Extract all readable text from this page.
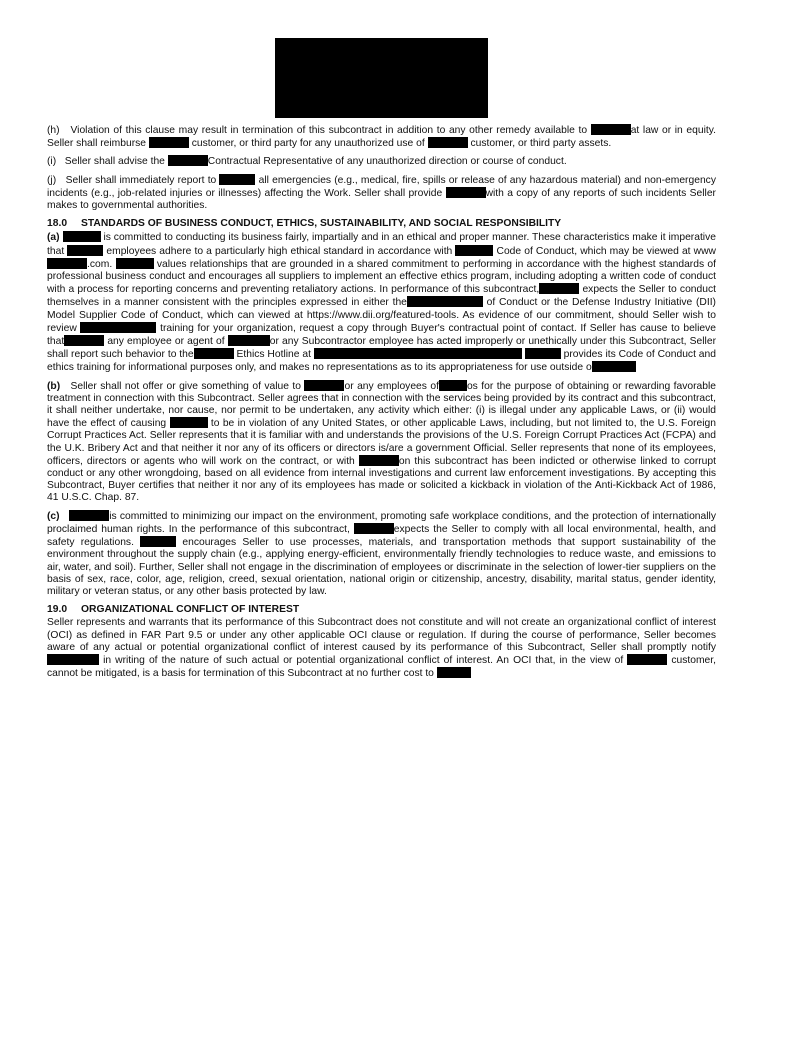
(h) Violation of this clause may result in termination of this subcontract in addition to any other remedy available to	at law or in equity. Seller shall reimburse	customer, or third party for any unauthorized use of	customer, or third party assets.

(i) Seller shall advise the	Contractual Representative of any unauthorized direction or course of conduct.

(j) Seller shall immediately report to	all emergencies (e.g., medical, fire, spills or release of any hazardous material) and non-emergency incidents (e.g., job-related injuries or illnesses) affecting the Work. Seller shall provide	with a copy of any reports of such incidents Seller makes to governmental authorities.

18.0 STANDARDS OF BUSINESS CONDUCT, ETHICS, SUSTAINABILITY, AND SOCIAL RESPONSIBILITY

(a)	is committed to conducting its business fairly, impartially and in an ethical and proper manner. These characteristics make it imperative that	employees adhere to a particularly high ethical standard in accordance with	Code of Conduct, which may be viewed at www.com.	values relationships that are grounded in a shared commitment to performing in accordance with the highest standards of professional business conduct and encourages all suppliers to implement an effective ethics program, including adopting a written code of conduct with a process for reporting concerns and preventing retaliatory actions. In performance of this subcontract,	expects the Seller to conduct themselves in a manner consistent with the principles expressed in either the	of Conduct or the Defense Industry Initiative (DII) Model Supplier Code of Conduct, which can viewed at https://www.dii.org/featured-tools. As evidence of our commitment, should Seller wish to review	training for your organization, request a copy through Buyer's contractual point of contact. If Seller has cause to believe that	any employee or agent of	or any Subcontractor employee has acted improperly or unethically under this Subcontract, Seller shall report such behavior to the	Ethics Hotline at	provides its Code of Conduct and ethics training for informational purposes only, and makes no representations as to its appropriateness for use outside o

(b) Seller shall not offer or give something of value to	or any employees of	os for the purpose of obtaining or rewarding favorable treatment in connection with this Subcontract. Seller agrees that in connection with the services being provided by its contract and this subcontract, it shall neither undertake, nor cause, nor permit to be undertaken, any activity which either: (i) is illegal under any applicable Laws, or (ii) would have the effect of causing	to be in violation of any United States, or other applicable Laws, including, but not limited to, the U.S. Foreign Corrupt Practices Act. Seller represents that it is familiar with and understands the provisions of the U.S. Foreign Corrupt Practices Act (FCPA) and the U.K. Bribery Act and that neither it nor any of its officers or directors is/are a government Official. Seller represents that none of its employees, officers, directors or agents who will work on the contract, or with	on this subcontract has been indicted or otherwise linked to corrupt conduct or any other wrongdoing, based on all evidence from internal investigations and current law enforcement investigations. By accepting this Subcontract, Buyer certifies that neither it nor any of its employees has made or solicited a kickback in violation of the Anti-Kickback Act of 1986, 41 U.S.C. Chap. 87.

(c)	is committed to minimizing our impact on the environment, promoting safe workplace conditions, and the protection of internationally proclaimed human rights. In the performance of this subcontract,	expects the Seller to comply with all local environmental, health, and safety regulations.	encourages Seller to use processes, materials, and transportation methods that support sustainability of the environment throughout the supply chain (e.g., applying energy-efficient, environmentally friendly technologies to reduce waste, and emissions to air, water, and soil). Further, Seller shall not engage in the discrimination of employees or discriminate in the selection of lower-tier suppliers on the basis of sex, race, color, age, religion, creed, sexual orientation, national origin or citizenship, ancestry, disability, marital status, gender identity, military or veteran status, or any other basis protected by law.

19.0 ORGANIZATIONAL CONFLICT OF INTEREST

Seller represents and warrants that its performance of this Subcontract does not constitute and will not create an organizational conflict of interest (OCI) as defined in FAR Part 9.5 or under any other applicable OCI clause or regulation. If during the course of performance, Seller becomes aware of any actual or potential organizational conflict of interest caused by its performance of this Subcontract, Seller shall promptly notify in writing of the nature of such actual or potential organizational conflict of interest. An OCI that, in the view of	customer, cannot be mitigated, is a basis for termination of this Subcontract at no further cost to
